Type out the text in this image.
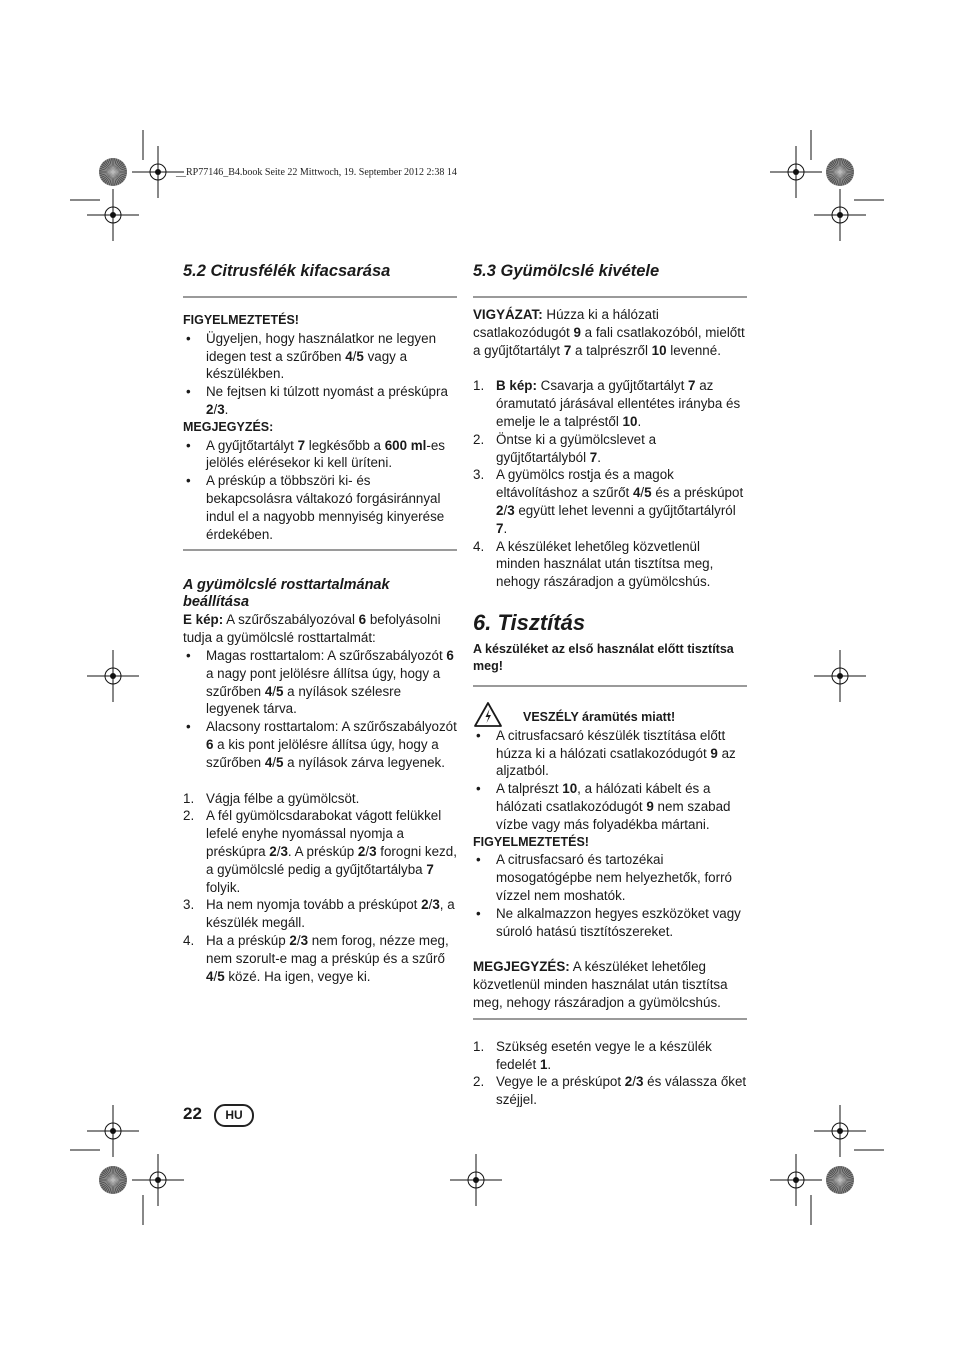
__RP77146_B4.book Seite 22 Mittwoch, 19. September 2012 2:38 14
5.2 Citrusfélék kifacsarása
FIGYELMEZTETÉS!
• Ügyeljen, hogy használatkor ne legyen idegen test a szűrőben 4/5 vagy a készülékben.
• Ne fejtsen ki túlzott nyomást a préskúpra 2/3.
MEGJEGYZÉS:
• A gyűjtőtartályt 7 legkésőbb a 600 ml-es jelölés elérésekor ki kell üríteni.
• A préskúp a többszöri ki- és bekapcsolásra váltakozó forgásiránnyal indul el a nagyobb mennyiség kinyerése érdekében.
A gyümölcslé rosttartalmának beállítása

E kép: A szűrőszabályozóval 6 befolyásolni tudja a gyümölcslé rosttartalmát:

• Magas rosttartalom: A szűrőszabályozót 6 a nagy pont jelölésre állítsa úgy, hogy a szűrőben 4/5 a nyílások szélesre legyenek tárva.
• Alacsony rosttartalom: A szűrőszabályozót 6 a kis pont jelölésre állítsa úgy, hogy a szűrőben 4/5 a nyílások zárva legyenek.
1. Vágja félbe a gyümölcsöt.
2. A fél gyümölcsdarabokat vágott felükkel lefelé enyhe nyomással nyomja a préskúpra 2/3. A préskúp 2/3 forogni kezd, a gyümölcslé pedig a gyűjtőtartályba 7 folyik.
3. Ha nem nyomja tovább a préskúpot 2/3, a készülék megáll.
4. Ha a préskúp 2/3 nem forog, nézze meg, nem szorult-e mag a préskúp és a szűrő 4/5 közé. Ha igen, vegye ki.
5.3 Gyümölcslé kivétele

VIGYÁZAT: Húzza ki a hálózati csatlakozódugót 9 a fali csatlakozóból, mielőtt a gyűjtőtartályt 7 a talprészről 10 levenné.

1. B kép: Csavarja a gyűjtőtartályt 7 az óramutató járásával ellentétes irányba és emelje le a talpréstől 10.
2. Öntse ki a gyümölcslevet a gyűjtőtartályból 7.
3. A gyümölcs rostja és a magok eltávolításhoz a szűrőt 4/5 és a préskúpot 2/3 együtt lehet levenni a gyűjtőtartályról 7.
4. A készüléket lehetőleg közvetlenül minden használat után tisztítsa meg, nehogy rászáradjon a gyümölcshús.
6. Tisztítás
A készüléket az első használat előtt tisztítsa meg!
VESZÉLY áramütés miatt!
• A citrusfacsaró készülék tisztítása előtt húzza ki a hálózati csatlakozódugót 9 az aljzatból.
• A talprészt 10, a hálózati kábelt és a hálózati csatlakozódugót 9 nem szabad vízbe vagy más folyadékba mártani.
FIGYELMEZTETÉS!
• A citrusfacsaró és tartozékai mosogatógépbe nem helyezhetők, forró vízzel nem moshatók.
• Ne alkalmazzon hegyes eszközöket vagy súroló hatású tisztítószereket.

MEGJEGYZÉS: A készüléket lehetőleg közvetlenül minden használat után tisztítsa meg, nehogy rászáradjon a gyümölcshús.

1. Szükség esetén vegye le a készülék fedelét 1.
2. Vegye le a préskúpot 2/3 és válassza őket széjjel.
22	HU
